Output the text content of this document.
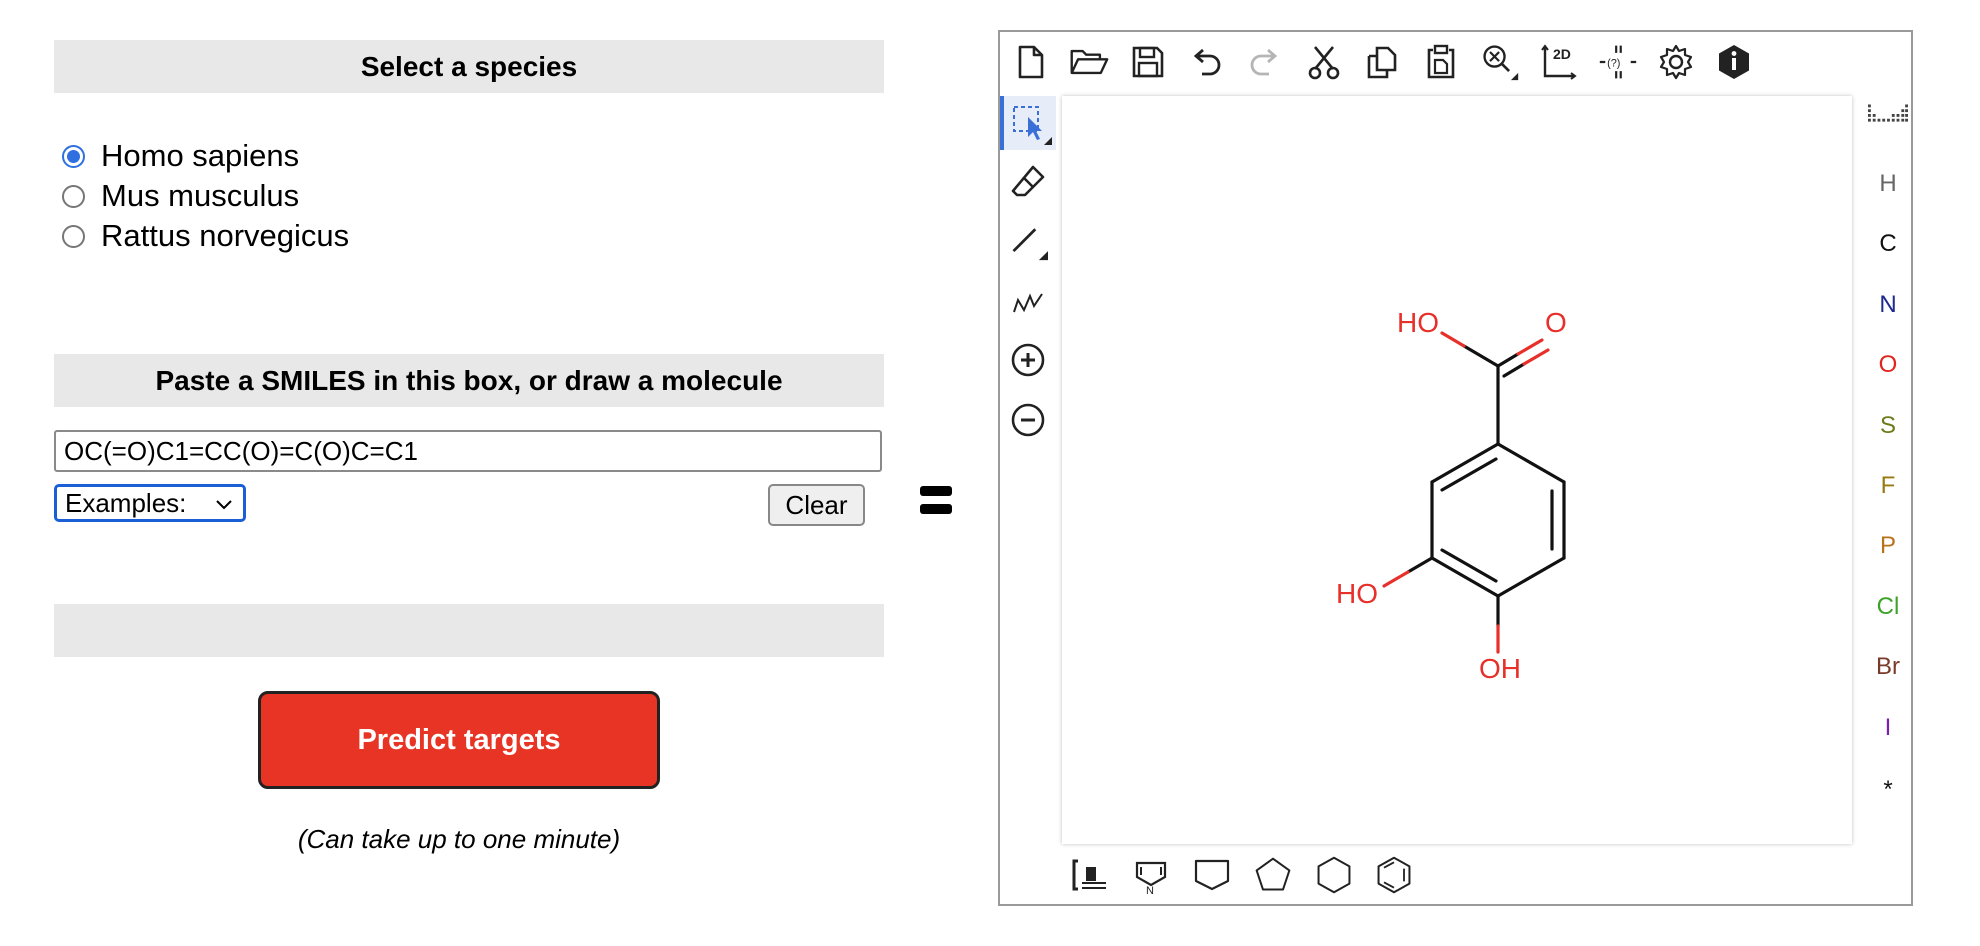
Select a species
Homo sapiens
Mus musculus
Rattus norvegicus
Paste a SMILES in this box, or draw a molecule
OC(=O)C1=CC(O)=C(O)C=C1
Examples:	Clear
Predict targets
(Can take up to one minute)
2D
(?)
HO	O
HO
OH
H
C
N
O
S
F
P
Cl
Br
I
*
N
